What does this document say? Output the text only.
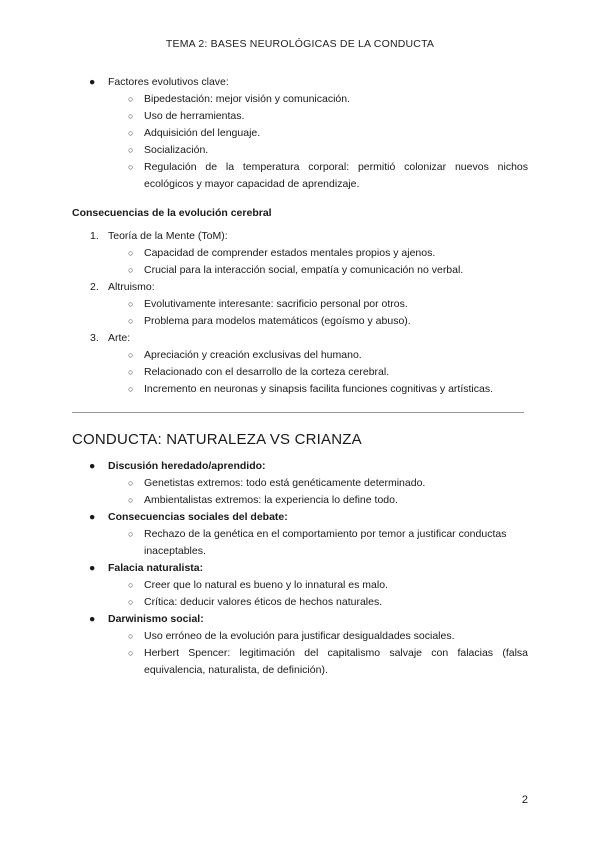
TEMA 2: BASES NEUROLÓGICAS DE LA CONDUCTA
● Factores evolutivos clave:
○ Bipedestación: mejor visión y comunicación.
○ Uso de herramientas.
○ Adquisición del lenguaje.
○ Socialización.
○ Regulación de la temperatura corporal: permitió colonizar nuevos nichos ecológicos y mayor capacidad de aprendizaje.
Consecuencias de la evolución cerebral
1. Teoría de la Mente (ToM):
○ Capacidad de comprender estados mentales propios y ajenos.
○ Crucial para la interacción social, empatía y comunicación no verbal.
2. Altruismo:
○ Evolutivamente interesante: sacrificio personal por otros.
○ Problema para modelos matemáticos (egoísmo y abuso).
3. Arte:
○ Apreciación y creación exclusivas del humano.
○ Relacionado con el desarrollo de la corteza cerebral.
○ Incremento en neuronas y sinapsis facilita funciones cognitivas y artísticas.
CONDUCTA: NATURALEZA VS CRIANZA
● Discusión heredado/aprendido:
○ Genetistas extremos: todo está genéticamente determinado.
○ Ambientalistas extremos: la experiencia lo define todo.
● Consecuencias sociales del debate:
○ Rechazo de la genética en el comportamiento por temor a justificar conductas inaceptables.
● Falacia naturalista:
○ Creer que lo natural es bueno y lo innatural es malo.
○ Crítica: deducir valores éticos de hechos naturales.
● Darwinismo social:
○ Uso erróneo de la evolución para justificar desigualdades sociales.
○ Herbert Spencer: legitimación del capitalismo salvaje con falacias (falsa equivalencia, naturalista, de definición).
2
